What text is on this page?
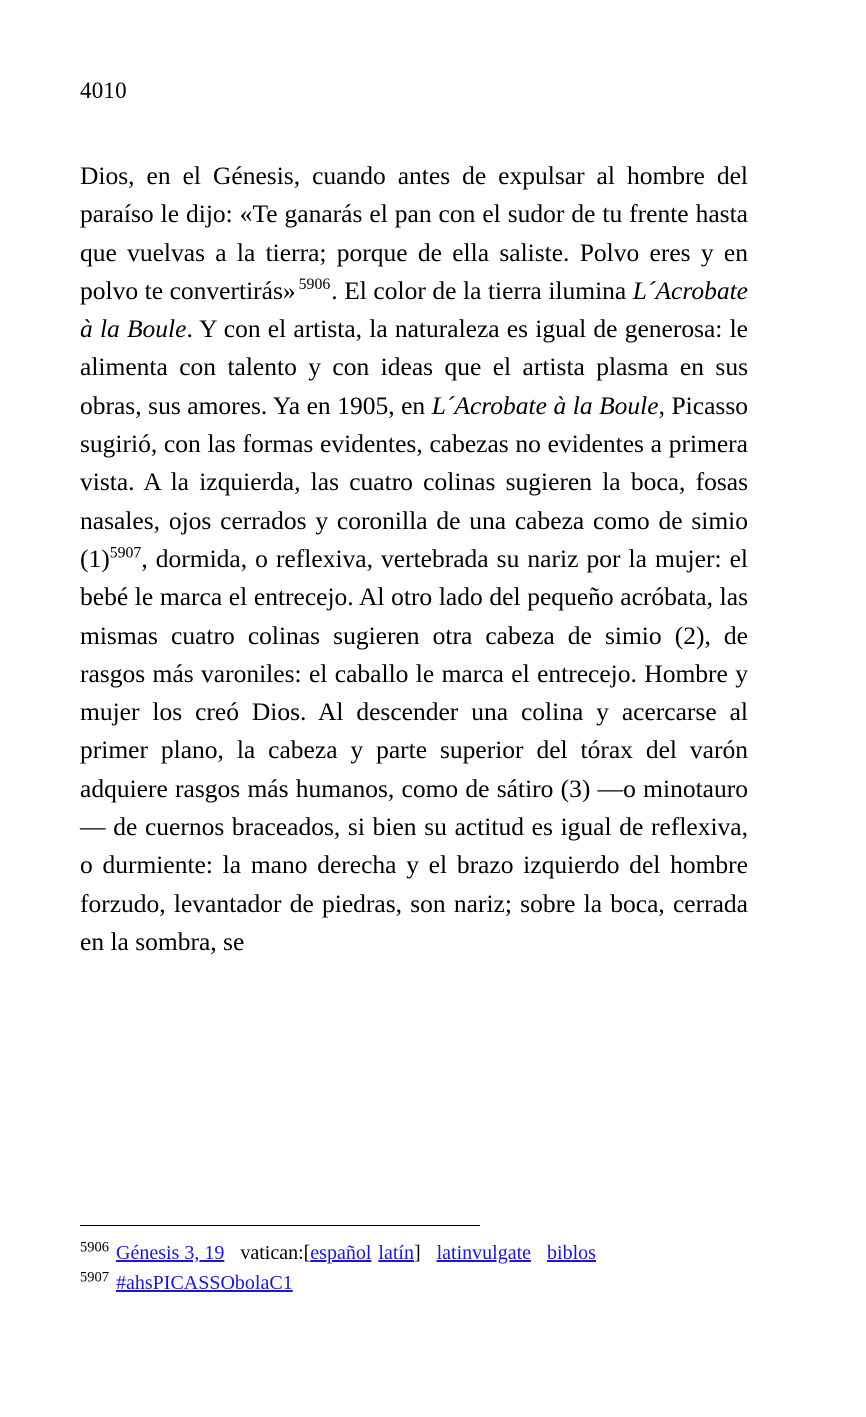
4010

Dios, en el Génesis, cuando antes de expulsar al hombre del paraíso le dijo: «Te ganarás el pan con el sudor de tu frente hasta que vuelvas a la tierra; porque de ella saliste. Polvo eres y en polvo te convertirás» $^{5906}$. El color de la tierra ilumina L´Acrobate à la Boule. Y con el artista, la naturaleza es igual de generosa: le alimenta con talento y con ideas que el artista plasma en sus obras, sus amores. Ya en 1905, en L´Acrobate à la Boule, Picasso sugirió, con las formas evidentes, cabezas no evidentes a primera vista. A la izquierda, las cuatro colinas sugieren la boca, fosas nasales, ojos cerrados y coronilla de una cabeza como de simio (1)$^{5907}$, dormida, o reflexiva, vertebrada su nariz por la mujer: el bebé le marca el entrecejo. Al otro lado del pequeño acróbata, las mismas cuatro colinas sugieren otra cabeza de simio (2), de rasgos más varoniles: el caballo le marca el entrecejo. Hombre y mujer los creó Dios. Al descender una colina y acercarse al primer plano, la cabeza y parte superior del tórax del varón adquiere rasgos más humanos, como de sátiro (3) —o minotauro— de cuernos braceados, si bien su actitud es igual de reflexiva, o durmiente: la mano derecha y el brazo izquierdo del hombre forzudo, levantador de piedras, son nariz; sobre la boca, cerrada en la sombra, se

$^{5906}$ Génesis 3, 19 vatican:[español latín] latinvulgate biblos
$^{5907}$ #ahsPICASSObolaC1
